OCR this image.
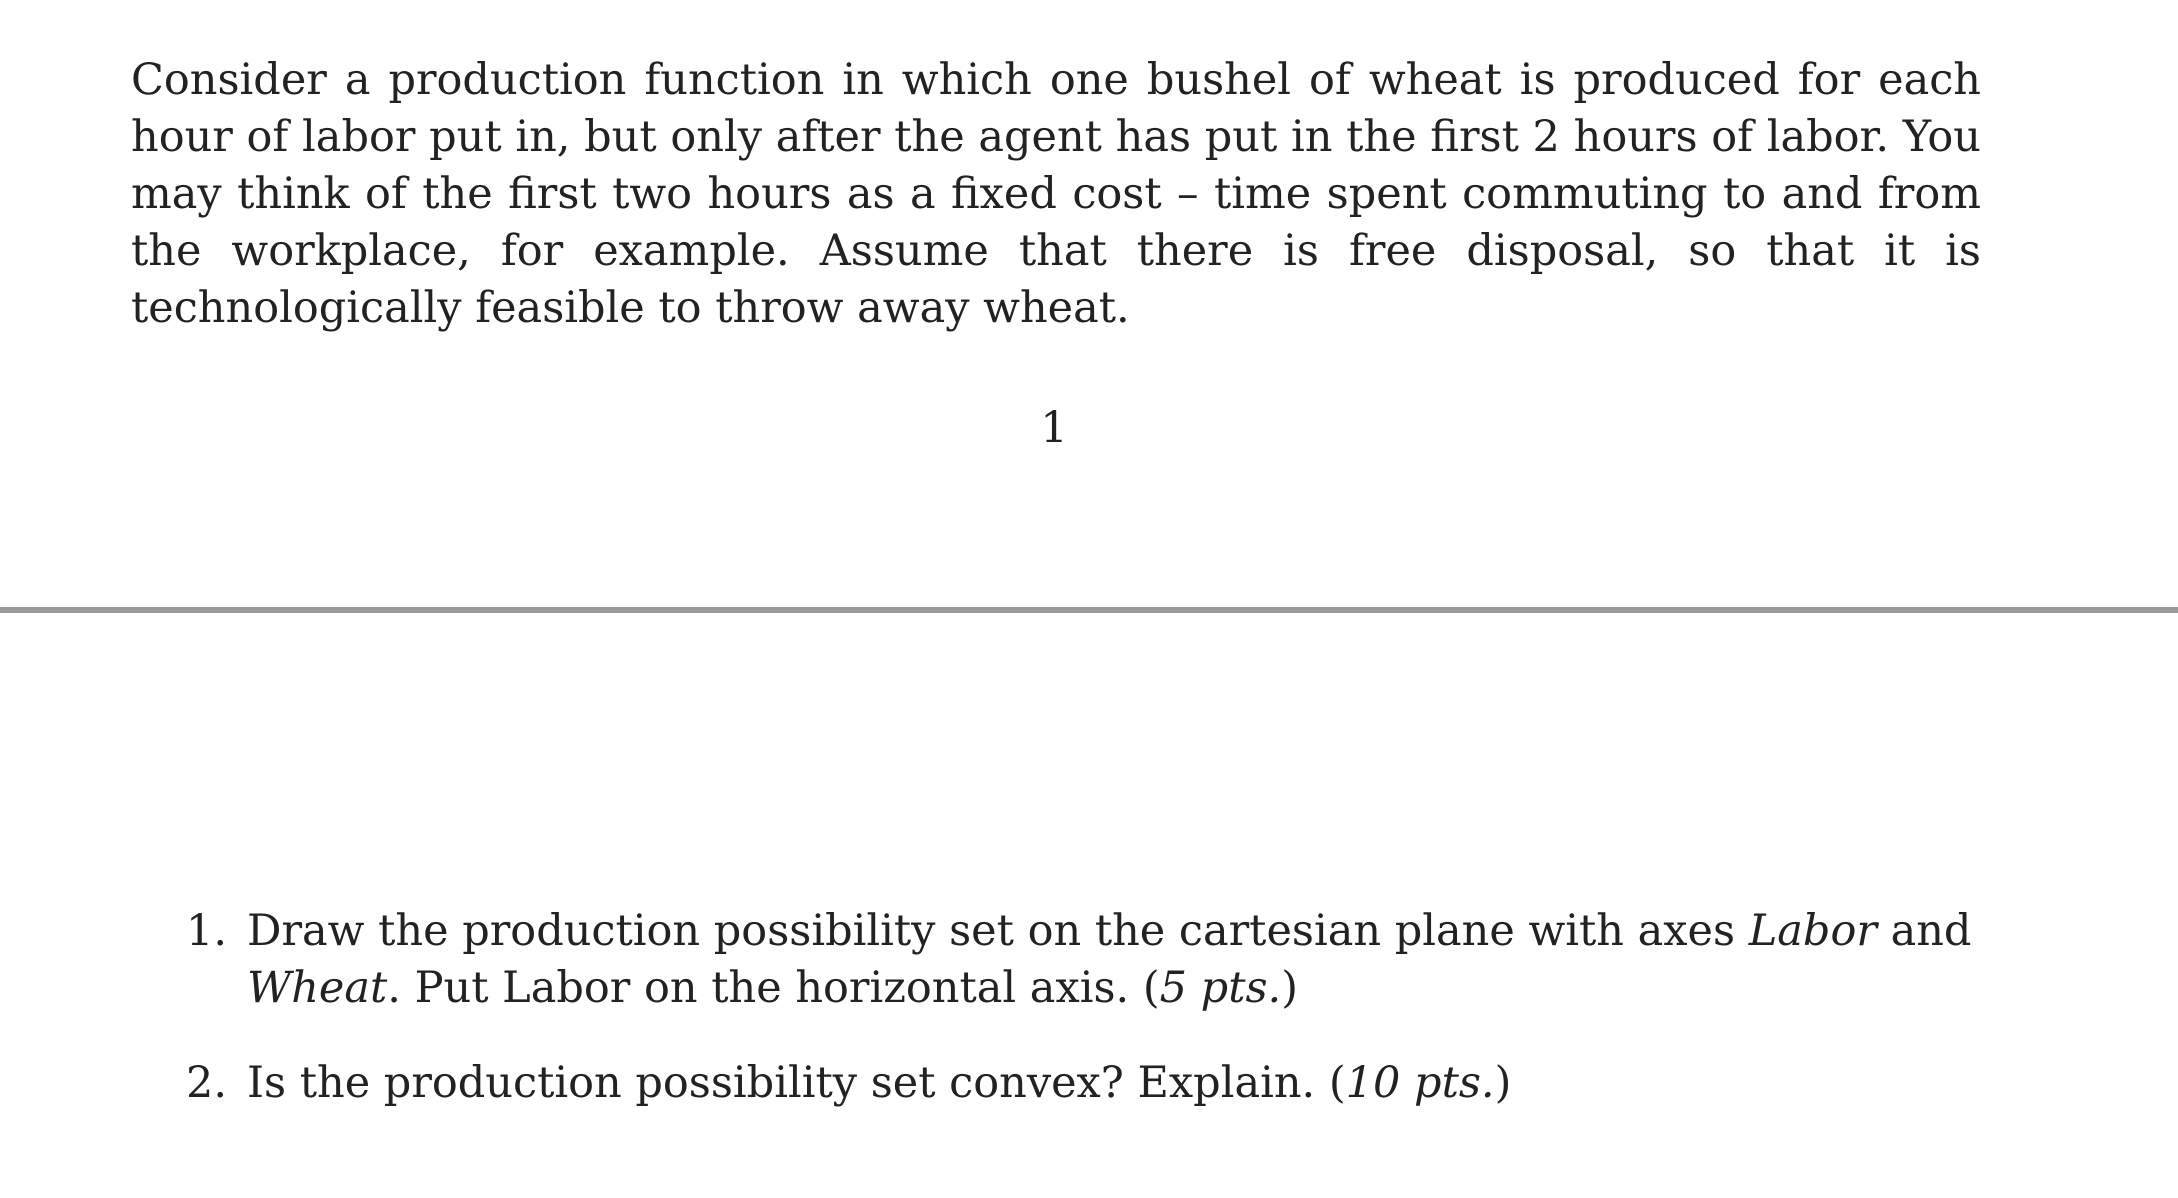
Consider a production function in which one bushel of wheat is produced for each hour of labor put in, but only after the agent has put in the first 2 hours of labor. You may think of the first two hours as a fixed cost – time spent commuting to and from the workplace, for example. Assume that there is free disposal, so that it is technologically feasible to throw away wheat.

1

1. Draw the production possibility set on the cartesian plane with axes Labor and Wheat. Put Labor on the horizontal axis. (5 pts.)
2. Is the production possibility set convex? Explain. (10 pts.)
